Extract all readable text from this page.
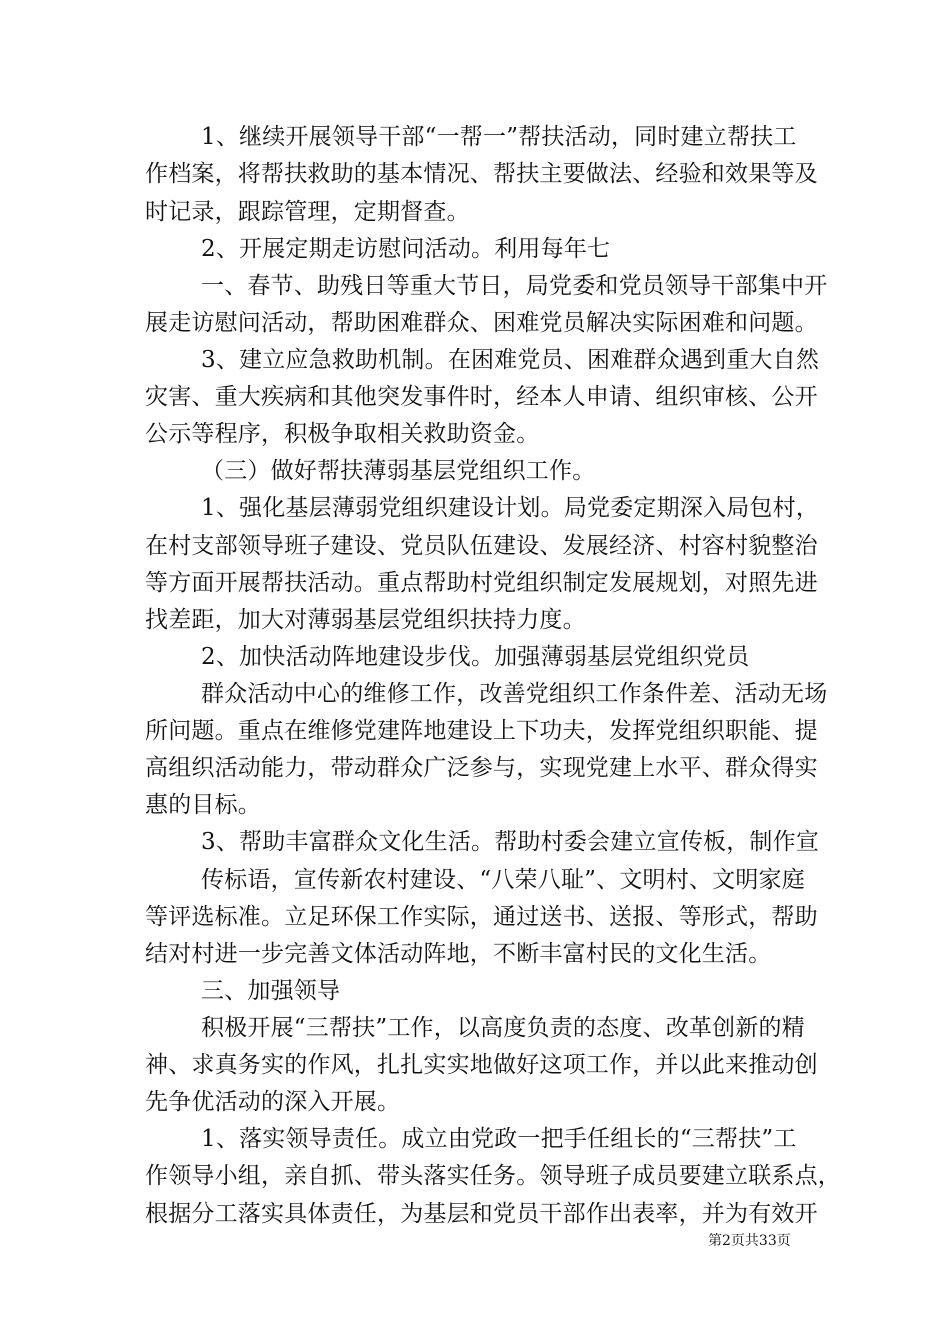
1、继续开展领导干部“一帮一”帮扶活动，同时建立帮扶工
作档案，将帮扶救助的基本情况、帮扶主要做法、经验和效果等及
时记录，跟踪管理，定期督查。
2、开展定期走访慰问活动。利用每年七
一、春节、助残日等重大节日，局党委和党员领导干部集中开
展走访慰问活动，帮助困难群众、困难党员解决实际困难和问题。
3、建立应急救助机制。在困难党员、困难群众遇到重大自然
灾害、重大疾病和其他突发事件时，经本人申请、组织审核、公开
公示等程序，积极争取相关救助资金。
（三）做好帮扶薄弱基层党组织工作。
1、强化基层薄弱党组织建设计划。局党委定期深入局包村，
在村支部领导班子建设、党员队伍建设、发展经济、村容村貌整治
等方面开展帮扶活动。重点帮助村党组织制定发展规划，对照先进
找差距，加大对薄弱基层党组织扶持力度。
2、加快活动阵地建设步伐。加强薄弱基层党组织党员
群众活动中心的维修工作，改善党组织工作条件差、活动无场
所问题。重点在维修党建阵地建设上下功夫，发挥党组织职能、提
高组织活动能力，带动群众广泛参与，实现党建上水平、群众得实
惠的目标。
3、帮助丰富群众文化生活。帮助村委会建立宣传板，制作宣
传标语，宣传新农村建设、“八荣八耻”、文明村、文明家庭
等评选标准。立足环保工作实际，通过送书、送报、等形式，帮助
结对村进一步完善文体活动阵地，不断丰富村民的文化生活。
三、加强领导
积极开展“三帮扶”工作，以高度负责的态度、改革创新的精
神、求真务实的作风，扎扎实实地做好这项工作，并以此来推动创
先争优活动的深入开展。
1、落实领导责任。成立由党政一把手任组长的“三帮扶”工
作领导小组，亲自抓、带头落实任务。领导班子成员要建立联系点，
根据分工落实具体责任，为基层和党员干部作出表率，并为有效开
第2页共33页
